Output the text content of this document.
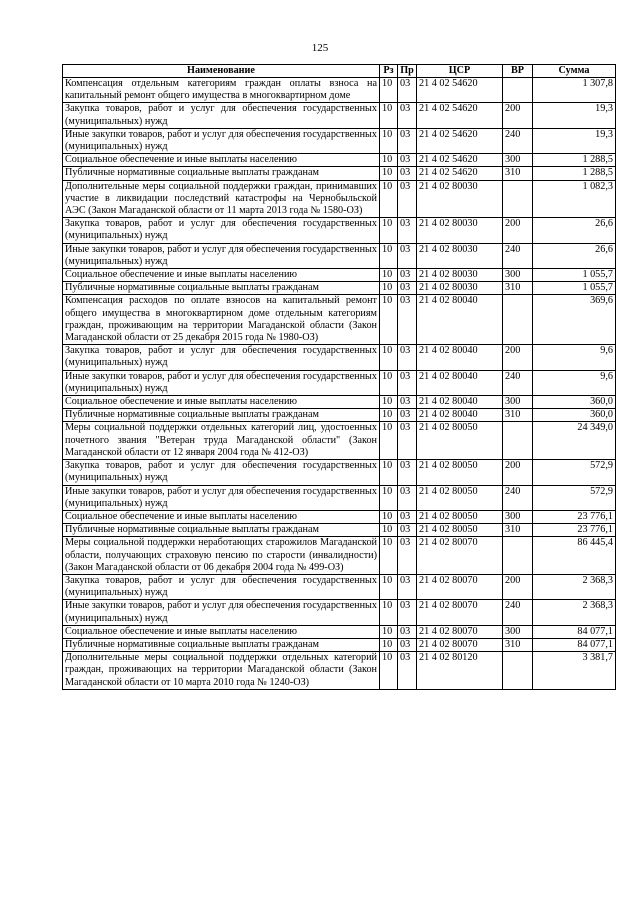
125
Наименование	Рз	Пр	ЦСР	ВР	Сумма
Компенсация отдельным категориям граждан оплаты взноса на капитальный ремонт общего имущества в многоквартирном доме	10	03	21 4 02 54620		1 307,8
Закупка товаров, работ и услуг для обеспечения государственных (муниципальных) нужд	10	03	21 4 02 54620	200	19,3
Иные закупки товаров, работ и услуг для обеспечения государственных (муниципальных) нужд	10	03	21 4 02 54620	240	19,3
Социальное обеспечение и иные выплаты населению	10	03	21 4 02 54620	300	1 288,5
Публичные нормативные социальные выплаты гражданам	10	03	21 4 02 54620	310	1 288,5
Дополнительные меры социальной поддержки граждан, принимавших участие в ликвидации последствий катастрофы на Чернобыльской АЭС (Закон Магаданской области от 11 марта 2013 года № 1580-ОЗ)	10	03	21 4 02 80030		1 082,3
Закупка товаров, работ и услуг для обеспечения государственных (муниципальных) нужд	10	03	21 4 02 80030	200	26,6
Иные закупки товаров, работ и услуг для обеспечения государственных (муниципальных) нужд	10	03	21 4 02 80030	240	26,6
Социальное обеспечение и иные выплаты населению	10	03	21 4 02 80030	300	1 055,7
Публичные нормативные социальные выплаты гражданам	10	03	21 4 02 80030	310	1 055,7
Компенсация расходов по оплате взносов на капитальный ремонт общего имущества в многоквартирном доме отдельным категориям граждан, проживающим на территории Магаданской области (Закон Магаданской области от 25 декабря 2015 года № 1980-ОЗ)	10	03	21 4 02 80040		369,6
Закупка товаров, работ и услуг для обеспечения государственных (муниципальных) нужд	10	03	21 4 02 80040	200	9,6
Иные закупки товаров, работ и услуг для обеспечения государственных (муниципальных) нужд	10	03	21 4 02 80040	240	9,6
Социальное обеспечение и иные выплаты населению	10	03	21 4 02 80040	300	360,0
Публичные нормативные социальные выплаты гражданам	10	03	21 4 02 80040	310	360,0
Меры социальной поддержки отдельных категорий лиц, удостоенных почетного звания "Ветеран труда Магаданской области" (Закон Магаданской области от 12 января 2004 года № 412-ОЗ)	10	03	21 4 02 80050		24 349,0
Закупка товаров, работ и услуг для обеспечения государственных (муниципальных) нужд	10	03	21 4 02 80050	200	572,9
Иные закупки товаров, работ и услуг для обеспечения государственных (муниципальных) нужд	10	03	21 4 02 80050	240	572,9
Социальное обеспечение и иные выплаты населению	10	03	21 4 02 80050	300	23 776,1
Публичные нормативные социальные выплаты гражданам	10	03	21 4 02 80050	310	23 776,1
Меры социальной поддержки неработающих старожилов Магаданской области, получающих страховую пенсию по старости (инвалидности) (Закон Магаданской области от 06 декабря 2004 года № 499-ОЗ)	10	03	21 4 02 80070		86 445,4
Закупка товаров, работ и услуг для обеспечения государственных (муниципальных) нужд	10	03	21 4 02 80070	200	2 368,3
Иные закупки товаров, работ и услуг для обеспечения государственных (муниципальных) нужд	10	03	21 4 02 80070	240	2 368,3
Социальное обеспечение и иные выплаты населению	10	03	21 4 02 80070	300	84 077,1
Публичные нормативные социальные выплаты гражданам	10	03	21 4 02 80070	310	84 077,1
Дополнительные меры социальной поддержки отдельных категорий граждан, проживающих на территории Магаданской области (Закон Магаданской области от 10 марта 2010 года № 1240-ОЗ)	10	03	21 4 02 80120		3 381,7
